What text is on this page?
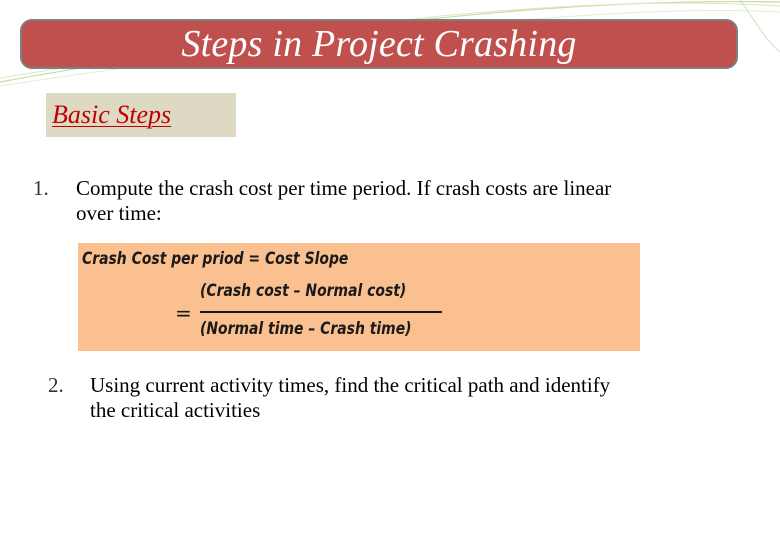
Steps in Project Crashing
Basic Steps
1. Compute the crash cost per time period. If crash costs are linear over time:
Crash Cost per priod = Cost Slope
=
(Crash cost – Normal cost)
(Normal time – Crash time)
2. Using current activity times, find the critical path and identify the critical activities
